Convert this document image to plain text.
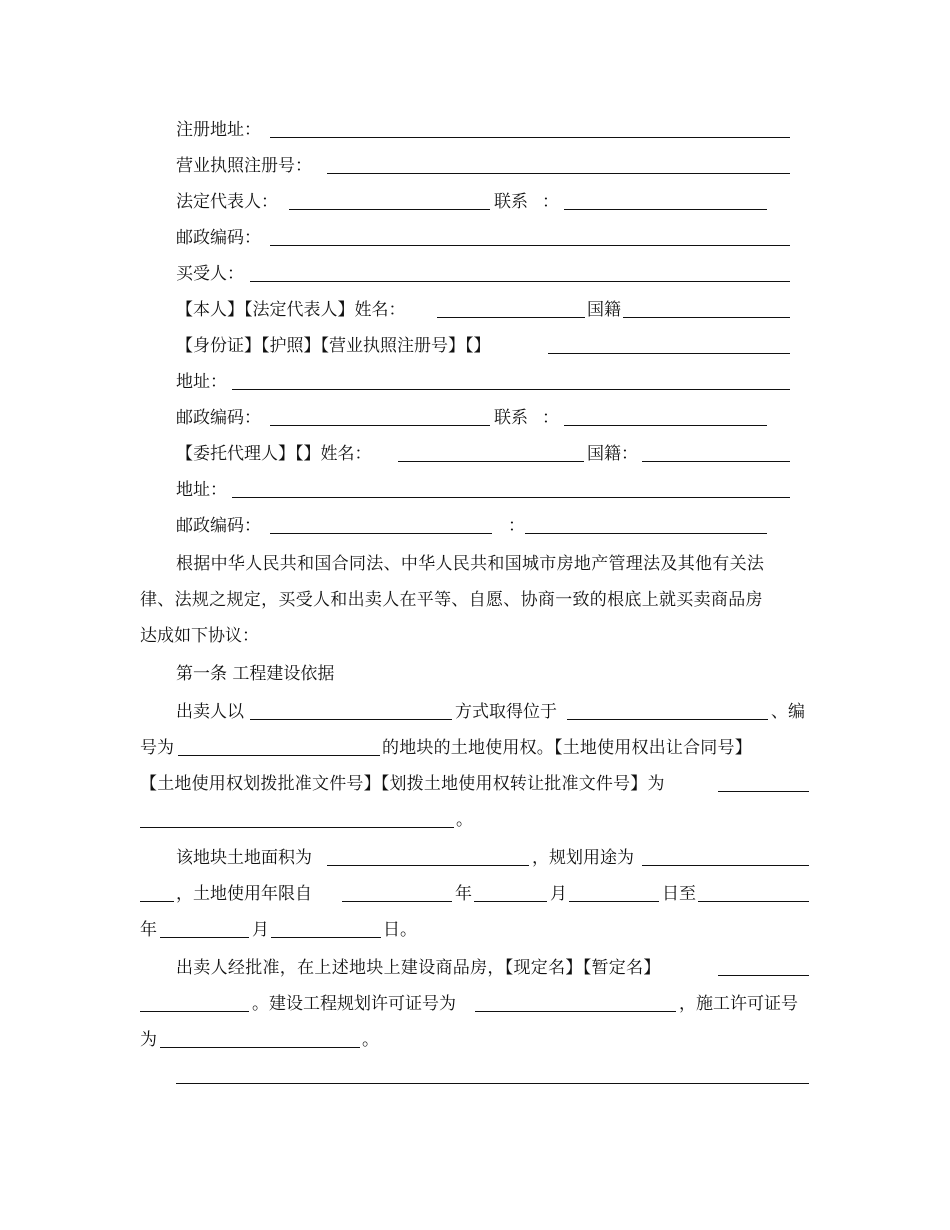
注册地址：
营业执照注册号：
法定代表人：	联系 ：
邮政编码：
买受人：
【本人】【法定代表人】姓名：	国籍
【身份证】【护照】【营业执照注册号】【】
地址：
邮政编码：	联系 ：
【委托代理人】【】姓名：	国籍：
地址：
邮政编码：	：
根据中华人民共和国合同法、中华人民共和国城市房地产管理法及其他有关法
律、法规之规定，买受人和出卖人在平等、自愿、协商一致的根底上就买卖商品房
达成如下协议：
第一条 工程建设依据
出卖人以	方式取得位于	、编
号为	的地块的土地使用权。【土地使用权出让合同号】
【土地使用权划拨批准文件号】【划拨土地使用权转让批准文件号】为
。
该地块土地面积为	，规划用途为
，土地使用年限自	年	月	日至
年	月	日。
出卖人经批准，在上述地块上建设商品房，【现定名】【暂定名】
。建设工程规划许可证号为	，施工许可证号
为	。
